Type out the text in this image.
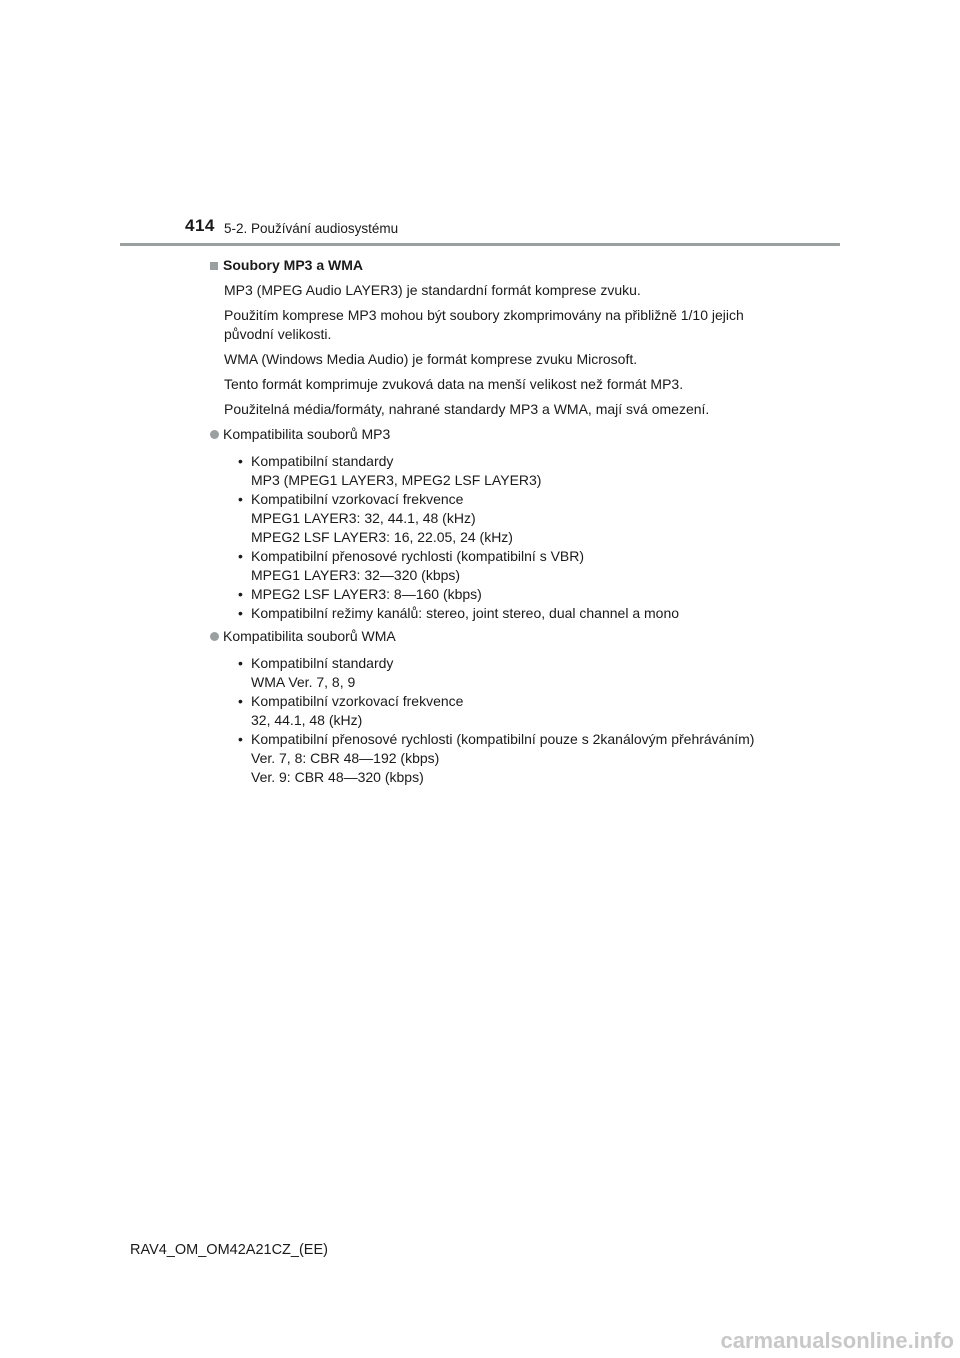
414 5-2. Používání audiosystému
Soubory MP3 a WMA

MP3 (MPEG Audio LAYER3) je standardní formát komprese zvuku.

Použitím komprese MP3 mohou být soubory zkomprimovány na přibližně 1/10 jejich původní velikosti.

WMA (Windows Media Audio) je formát komprese zvuku Microsoft.

Tento formát komprimuje zvuková data na menší velikost než formát MP3.

Použitelná média/formáty, nahrané standardy MP3 a WMA, mají svá omezení.

Kompatibilita souborů MP3
• Kompatibilní standardy
MP3 (MPEG1 LAYER3, MPEG2 LSF LAYER3)
• Kompatibilní vzorkovací frekvence
MPEG1 LAYER3: 32, 44.1, 48 (kHz)
MPEG2 LSF LAYER3: 16, 22.05, 24 (kHz)
• Kompatibilní přenosové rychlosti (kompatibilní s VBR)
MPEG1 LAYER3: 32—320 (kbps)
• MPEG2 LSF LAYER3: 8—160 (kbps)
• Kompatibilní režimy kanálů: stereo, joint stereo, dual channel a mono
Kompatibilita souborů WMA
• Kompatibilní standardy
WMA Ver. 7, 8, 9
• Kompatibilní vzorkovací frekvence
32, 44.1, 48 (kHz)
• Kompatibilní přenosové rychlosti (kompatibilní pouze s 2kanálovým přehráváním)
Ver. 7, 8: CBR 48—192 (kbps)
Ver. 9: CBR 48—320 (kbps)
RAV4_OM_OM42A21CZ_(EE)
carmanualsonline.info
